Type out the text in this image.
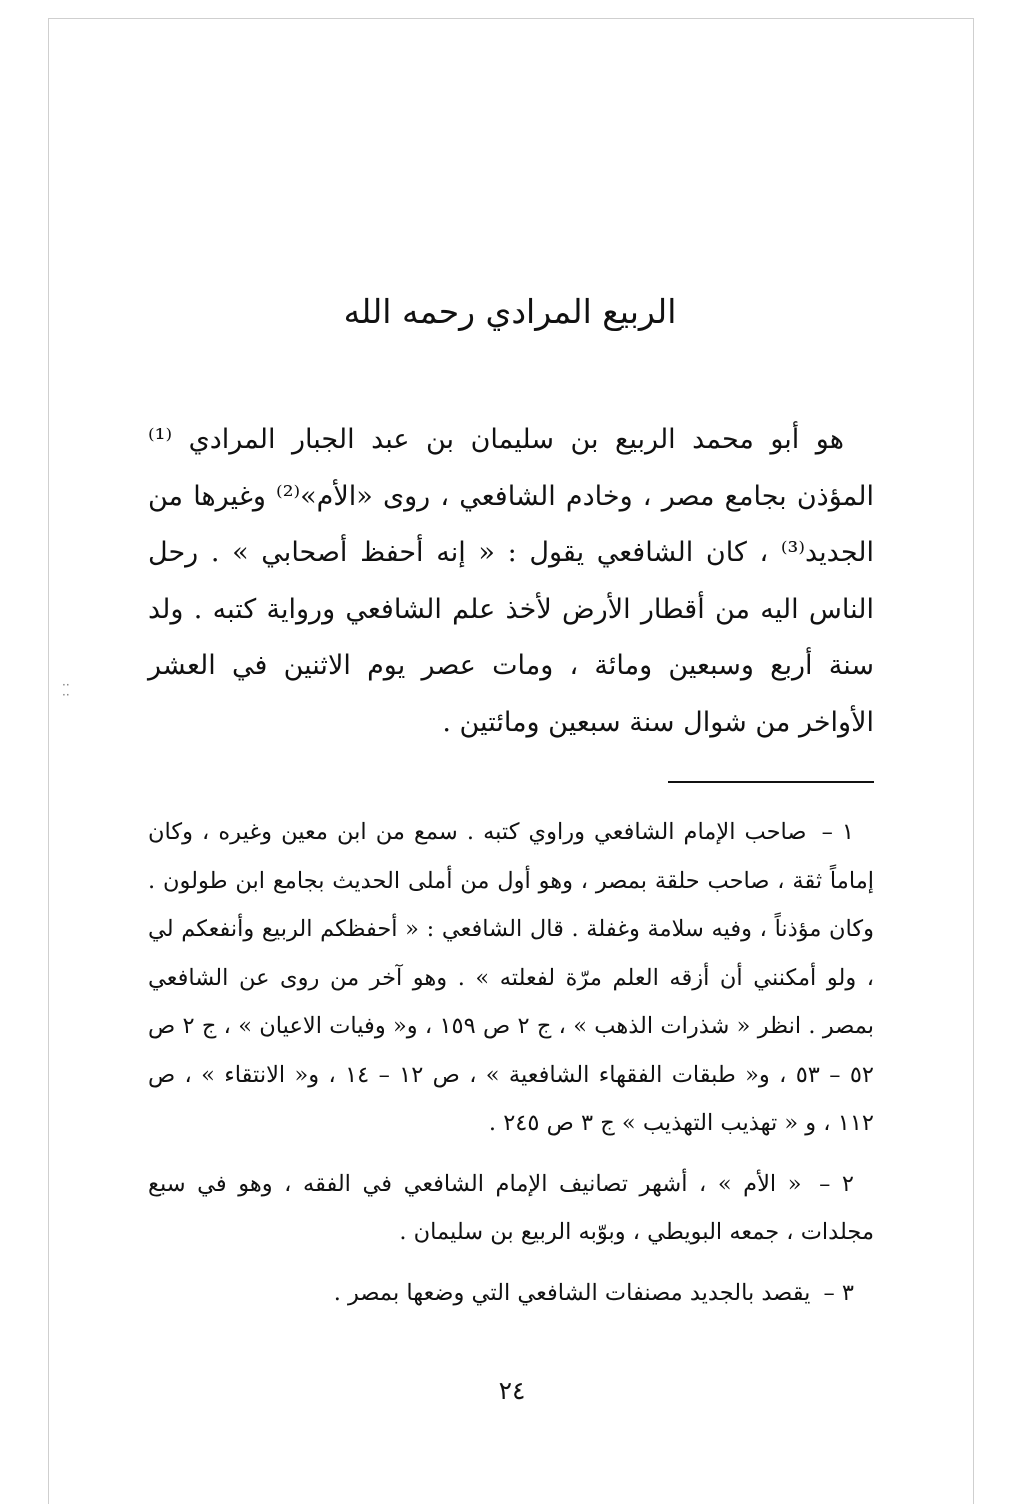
··
··
الربيع المرادي رحمه الله

هو أبو محمد الربيع بن سليمان بن عبد الجبار المرادي ⁽¹⁾ المؤذن بجامع مصر ، وخادم الشافعي ، روى «الأم»⁽²⁾ وغيرها من الجديد⁽³⁾ ، كان الشافعي يقول : « إنه أحفظ أصحابي » . رحل الناس اليه من أقطار الأرض لأخذ علم الشافعي ورواية كتبه . ولد سنة أربع وسبعين ومائة ، ومات عصر يوم الاثنين في العشر الأواخر من شوال سنة سبعين ومائتين .

١ – صاحب الإمام الشافعي وراوي كتبه . سمع من ابن معين وغيره ، وكان إماماً ثقة ، صاحب حلقة بمصر ، وهو أول من أملى الحديث بجامع ابن طولون . وكان مؤذناً ، وفيه سلامة وغفلة . قال الشافعي : « أحفظكم الربيع وأنفعكم لي ، ولو أمكنني أن أزقه العلم مرّة لفعلته » . وهو آخر من روى عن الشافعي بمصر . انظر « شذرات الذهب » ، ج ٢ ص ١٥٩ ، و« وفيات الاعيان » ، ج ٢ ص ٥٢ – ٥٣ ، و« طبقات الفقهاء الشافعية » ، ص ١٢ – ١٤ ، و« الانتقاء » ، ص ١١٢ ، و « تهذيب التهذيب » ج ٣ ص ٢٤٥ .

٢ – « الأم » ، أشهر تصانيف الإمام الشافعي في الفقه ، وهو في سبع مجلدات ، جمعه البويطي ، وبوّبه الربيع بن سليمان .

٣ – يقصد بالجديد مصنفات الشافعي التي وضعها بمصر .

٢٤
